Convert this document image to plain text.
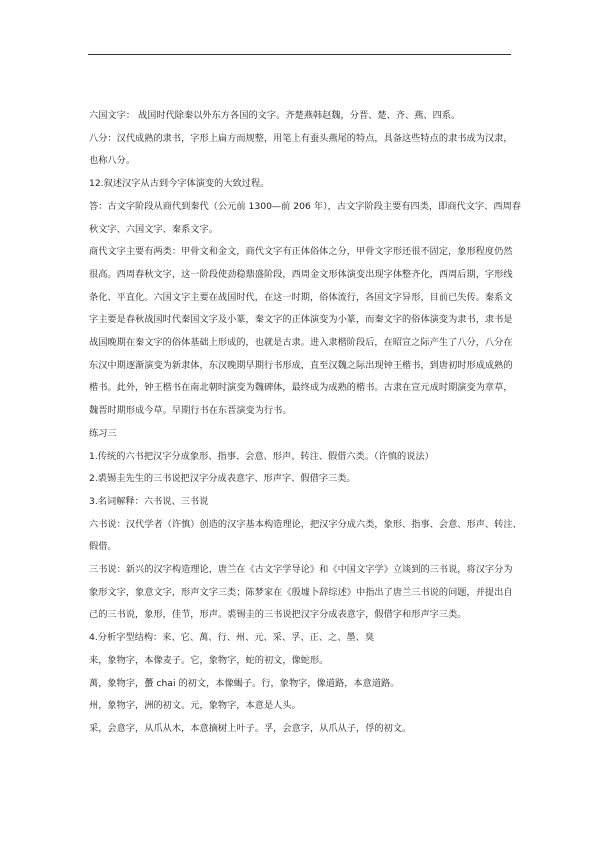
六国文字： 战国时代除秦以外东方各国的文字。齐楚燕韩赵魏，分晋、楚、齐、燕、四系。
八分：汉代成熟的隶书，字形上扁方而规整，用笔上有蚕头燕尾的特点，具备这些特点的隶书成为汉隶，
也称八分。
12.叙述汉字从古到今字体演变的大致过程。
答：古文字阶段从商代到秦代（公元前 1300—前 206 年），古文字阶段主要有四类，即商代文字、西周春
秋文字、六国文字、秦系文字。
商代文字主要有两类：甲骨文和金文，商代文字有正体俗体之分，甲骨文字形还很不固定，象形程度仍然
很高。西周春秋文字，这一阶段使劲稳鼎盛阶段，西周金文形体演变出现字体整齐化，西周后期，字形线
条化、平直化。六国文字主要在战国时代，在这一时期，俗体流行，各国文字异形，目前已失传。秦系文
字主要是春秋战国时代秦国文字及小篆，秦文字的正体演变为小篆，而秦文字的俗体演变为隶书，隶书是
战国晚期在秦文字的俗体基础上形成的，也就是古隶。进入隶楷阶段后，在昭宣之际产生了八分，八分在
东汉中期逐渐演变为新隶体，东汉晚期早期行书形成，直至汉魏之际出现钟王楷书，到唐初时形成成熟的
楷书。此外，钟王楷书在南北朝时演变为魏碑体，最终成为成熟的楷书。古隶在宣元成时期演变为章草，
魏晋时期形成今草。早期行书在东晋演变为行书。
练习三
1.传统的六书把汉字分成象形、指事、会意、形声、转注、假借六类。（许慎的说法）
2.裘锡圭先生的三书说把汉字分成表意字、形声字、假借字三类。
3.名词解释：六书说、三书说
六书说：汉代学者（许慎）创造的汉字基本构造理论，把汉字分成六类，象形、指事、会意、形声、转注、
假借。
三书说：新兴的汉字构造理论，唐兰在《古文字学导论》和《中国文字学》立谈到的三书说，将汉字分为
象形文字，象意文字，形声文字三类；陈梦家在《殷墟卜辞综述》中指出了唐兰三书说的问题，并提出自
己的三书说，象形，佳节，形声。裘锡圭的三书说把汉字分成表意字，假借字和形声字三类。
4.分析字型结构：来、它、萬、行、州、元、采、孚、正、之、墨、臭
来，象物字，本像麦子。它，象物字，蛇的初文，像蛇形。
萬，象物字，蠆 chai 的初文，本像蝎子。行，象物字，像道路，本意道路。
州，象物字，洲的初文。元，象物字，本意是人头。
采，会意字，从爪从木，本意摘树上叶子。孚，会意字，从爪从子，俘的初文。
